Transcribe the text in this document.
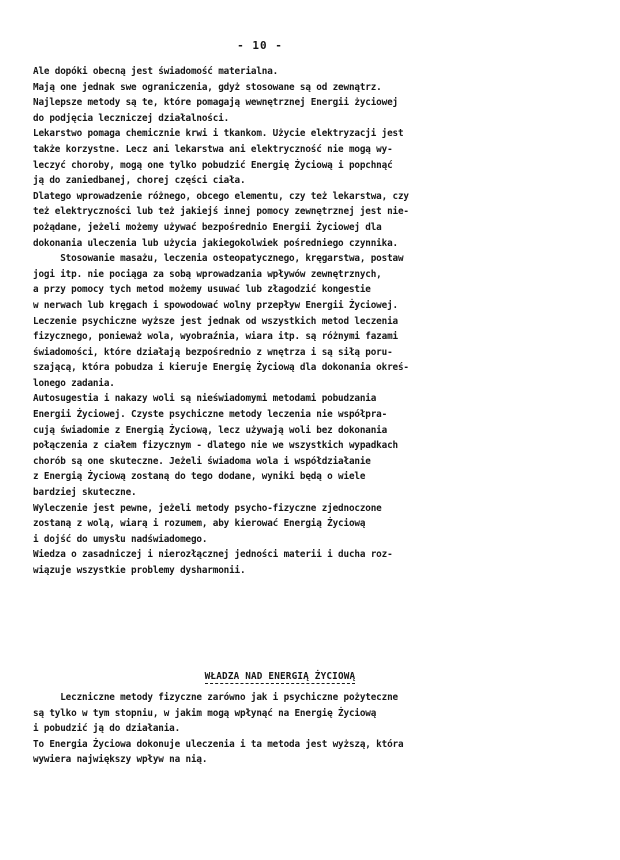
- 10 -
Ale dopóki obecną jest świadomość materialna.
Mają one jednak swe ograniczenia, gdyż stosowane są od zewnątrz.
Najlepsze metody są te, które pomagają wewnętrznej Energii życiowej
do podjęcia leczniczej działalności.
Lekarstwo pomaga chemicznie krwi i tkankom. Użycie elektryzacji jest
także korzystne. Lecz ani lekarstwa ani elektryczność nie mogą wy-
leczyć choroby, mogą one tylko pobudzić Energię Życiową i popchnąć
ją do zaniedbanej, chorej części ciała.
Dlatego wprowadzenie różnego, obcego elementu, czy też lekarstwa, czy
też elektryczności lub też jakiejś innej pomocy zewnętrznej jest nie-
pożądane, jeżeli możemy używać bezpośrednio Energii Życiowej dla
dokonania uleczenia lub użycia jakiegokolwiek pośredniego czynnika.
Stosowanie masażu, leczenia osteopatycznego, kręgarstwa, postaw
jogi itp. nie pociąga za sobą wprowadzania wpływów zewnętrznych,
a przy pomocy tych metod możemy usuwać lub złagodzić kongestie
w nerwach lub kręgach i spowodować wolny przepływ Energii Życiowej.
Leczenie psychiczne wyższe jest jednak od wszystkich metod leczenia
fizycznego, ponieważ wola, wyobraźnia, wiara itp. są różnymi fazami
świadomości, które działają bezpośrednio z wnętrza i są siłą poru-
szającą, która pobudza i kieruje Energię Życiową dla dokonania okreś-
lonego zadania.
Autosugestia i nakazy woli są nieświadomymi metodami pobudzania
Energii Życiowej. Czyste psychiczne metody leczenia nie współpra-
cują świadomie z Energią Życiową, lecz używają woli bez dokonania
połączenia z ciałem fizycznym - dlatego nie we wszystkich wypadkach
chorób są one skuteczne. Jeżeli świadoma wola i współdziałanie
z Energią Życiową zostaną do tego dodane, wyniki będą o wiele
bardziej skuteczne.
Wyleczenie jest pewne, jeżeli metody psycho-fizyczne zjednoczone
zostaną z wolą, wiarą i rozumem, aby kierować Energią Życiową
i dojść do umysłu nadświadomego.
Wiedza o zasadniczej i nierozłącznej jedności materii i ducha roz-
wiązuje wszystkie problemy dysharmonii.
WŁADZA NAD ENERGIĄ ŻYCIOWĄ
Leczniczne metody fizyczne zarówno jak i psychiczne pożyteczne
są tylko w tym stopniu, w jakim mogą wpłynąć na Energię Życiową
i pobudzić ją do działania.
To Energia Życiowa dokonuje uleczenia i ta metoda jest wyższą, która
wywiera największy wpływ na nią.
